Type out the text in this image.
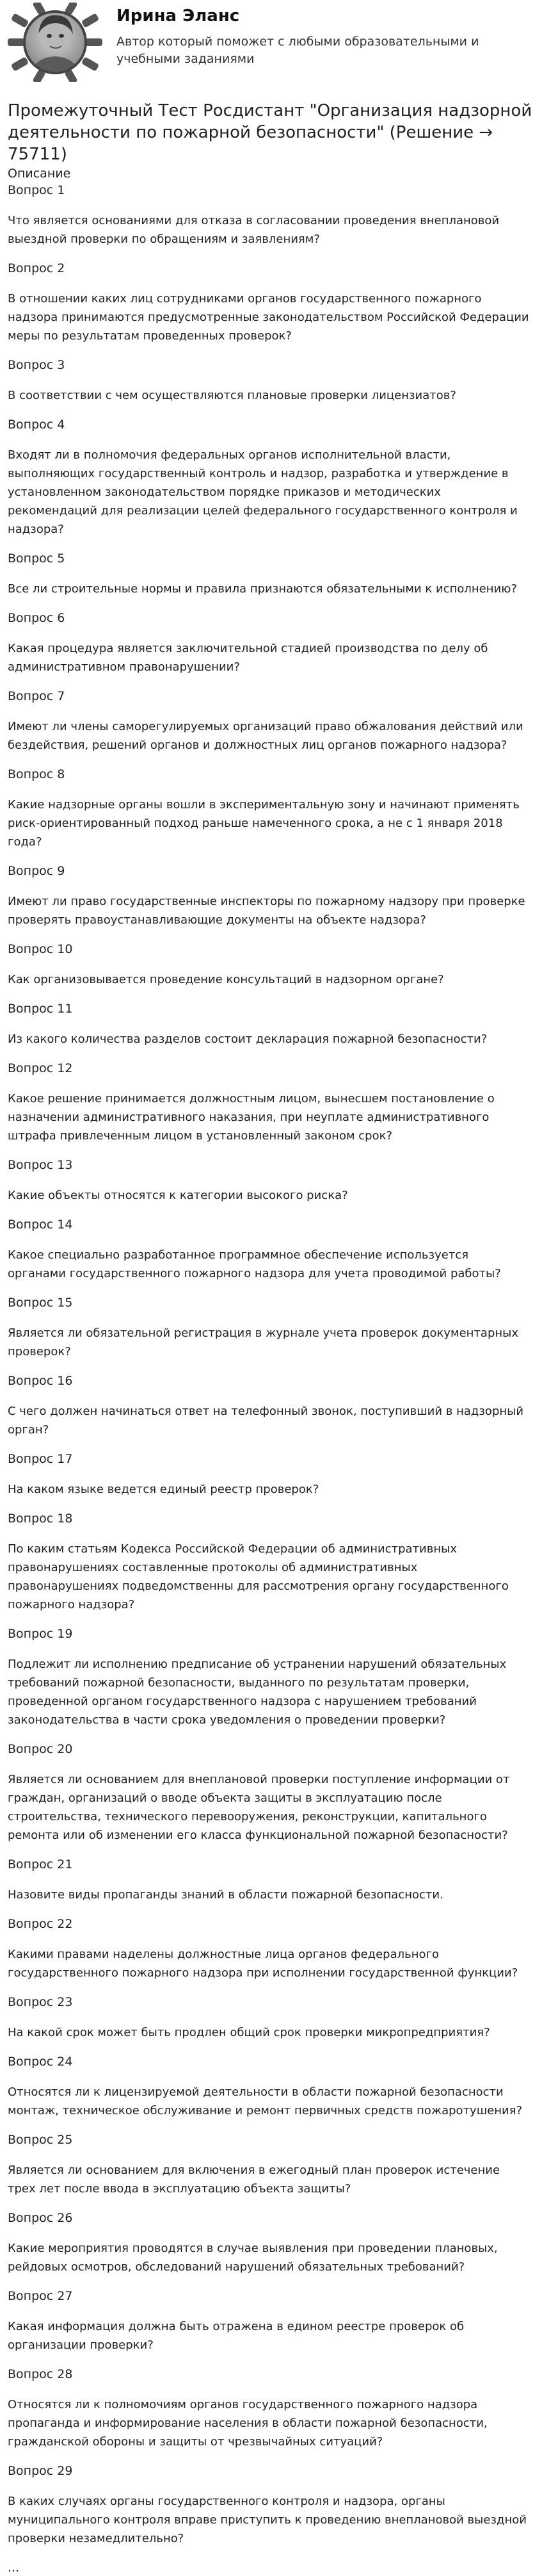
Ирина Эланс
Автор который поможет с любыми образовательными и учебными заданиями
Промежуточный Тест Росдистант "Организация надзорной деятельности по пожарной безопасности" (Решение → 75711)
Описание
Вопрос 1
Что является основаниями для отказа в согласовании проведения внеплановой выездной проверки по обращениям и заявлениям?
Вопрос 2
В отношении каких лиц сотрудниками органов государственного пожарного надзора принимаются предусмотренные законодательством Российской Федерации меры по результатам проведенных проверок?
Вопрос 3
В соответствии с чем осуществляются плановые проверки лицензиатов?
Вопрос 4
Входят ли в полномочия федеральных органов исполнительной власти, выполняющих государственный контроль и надзор, разработка и утверждение в установленном законодательством порядке приказов и методических рекомендаций для реализации целей федерального государственного контроля и надзора?
Вопрос 5
Все ли строительные нормы и правила признаются обязательными к исполнению?
Вопрос 6
Какая процедура является заключительной стадией производства по делу об административном правонарушении?
Вопрос 7
Имеют ли члены саморегулируемых организаций право обжалования действий или бездействия, решений органов и должностных лиц органов пожарного надзора?
Вопрос 8
Какие надзорные органы вошли в экспериментальную зону и начинают применять риск-ориентированный подход раньше намеченного срока, а не с 1 января 2018 года?
Вопрос 9
Имеют ли право государственные инспекторы по пожарному надзору при проверке проверять правоустанавливающие документы на объекте надзора?
Вопрос 10
Как организовывается проведение консультаций в надзорном органе?
Вопрос 11
Из какого количества разделов состоит декларация пожарной безопасности?
Вопрос 12
Какое решение принимается должностным лицом, вынесшем постановление о назначении административного наказания, при неуплате административного штрафа привлеченным лицом в установленный законом срок?
Вопрос 13
Какие объекты относятся к категории высокого риска?
Вопрос 14
Какое специально разработанное программное обеспечение используется органами государственного пожарного надзора для учета проводимой работы?
Вопрос 15
Является ли обязательной регистрация в журнале учета проверок документарных проверок?
Вопрос 16
С чего должен начинаться ответ на телефонный звонок, поступивший в надзорный орган?
Вопрос 17
На каком языке ведется единый реестр проверок?
Вопрос 18
По каким статьям Кодекса Российской Федерации об административных правонарушениях составленные протоколы об административных правонарушениях подведомственны для рассмотрения органу государственного пожарного надзора?
Вопрос 19
Подлежит ли исполнению предписание об устранении нарушений обязательных требований пожарной безопасности, выданного по результатам проверки, проведенной органом государственного надзора с нарушением требований законодательства в части срока уведомления о проведении проверки?
Вопрос 20
Является ли основанием для внеплановой проверки поступление информации от граждан, организаций о вводе объекта защиты в эксплуатацию после строительства, технического перевооружения, реконструкции, капитального ремонта или об изменении его класса функциональной пожарной безопасности?
Вопрос 21
Назовите виды пропаганды знаний в области пожарной безопасности.
Вопрос 22
Какими правами наделены должностные лица органов федерального государственного пожарного надзора при исполнении государственной функции?
Вопрос 23
На какой срок может быть продлен общий срок проверки микропредприятия?
Вопрос 24
Относятся ли к лицензируемой деятельности в области пожарной безопасности монтаж, техническое обслуживание и ремонт первичных средств пожаротушения?
Вопрос 25
Является ли основанием для включения в ежегодный план проверок истечение трех лет после ввода в эксплуатацию объекта защиты?
Вопрос 26
Какие мероприятия проводятся в случае выявления при проведении плановых, рейдовых осмотров, обследований нарушений обязательных требований?
Вопрос 27
Какая информация должна быть отражена в едином реестре проверок об организации проверки?
Вопрос 28
Относятся ли к полномочиям органов государственного пожарного надзора пропаганда и информирование населения в области пожарной безопасности, гражданской обороны и защиты от чрезвычайных ситуаций?
Вопрос 29
В каких случаях органы государственного контроля и надзора, органы муниципального контроля вправе приступить к проведению внеплановой выездной проверки незамедлительно?
...
